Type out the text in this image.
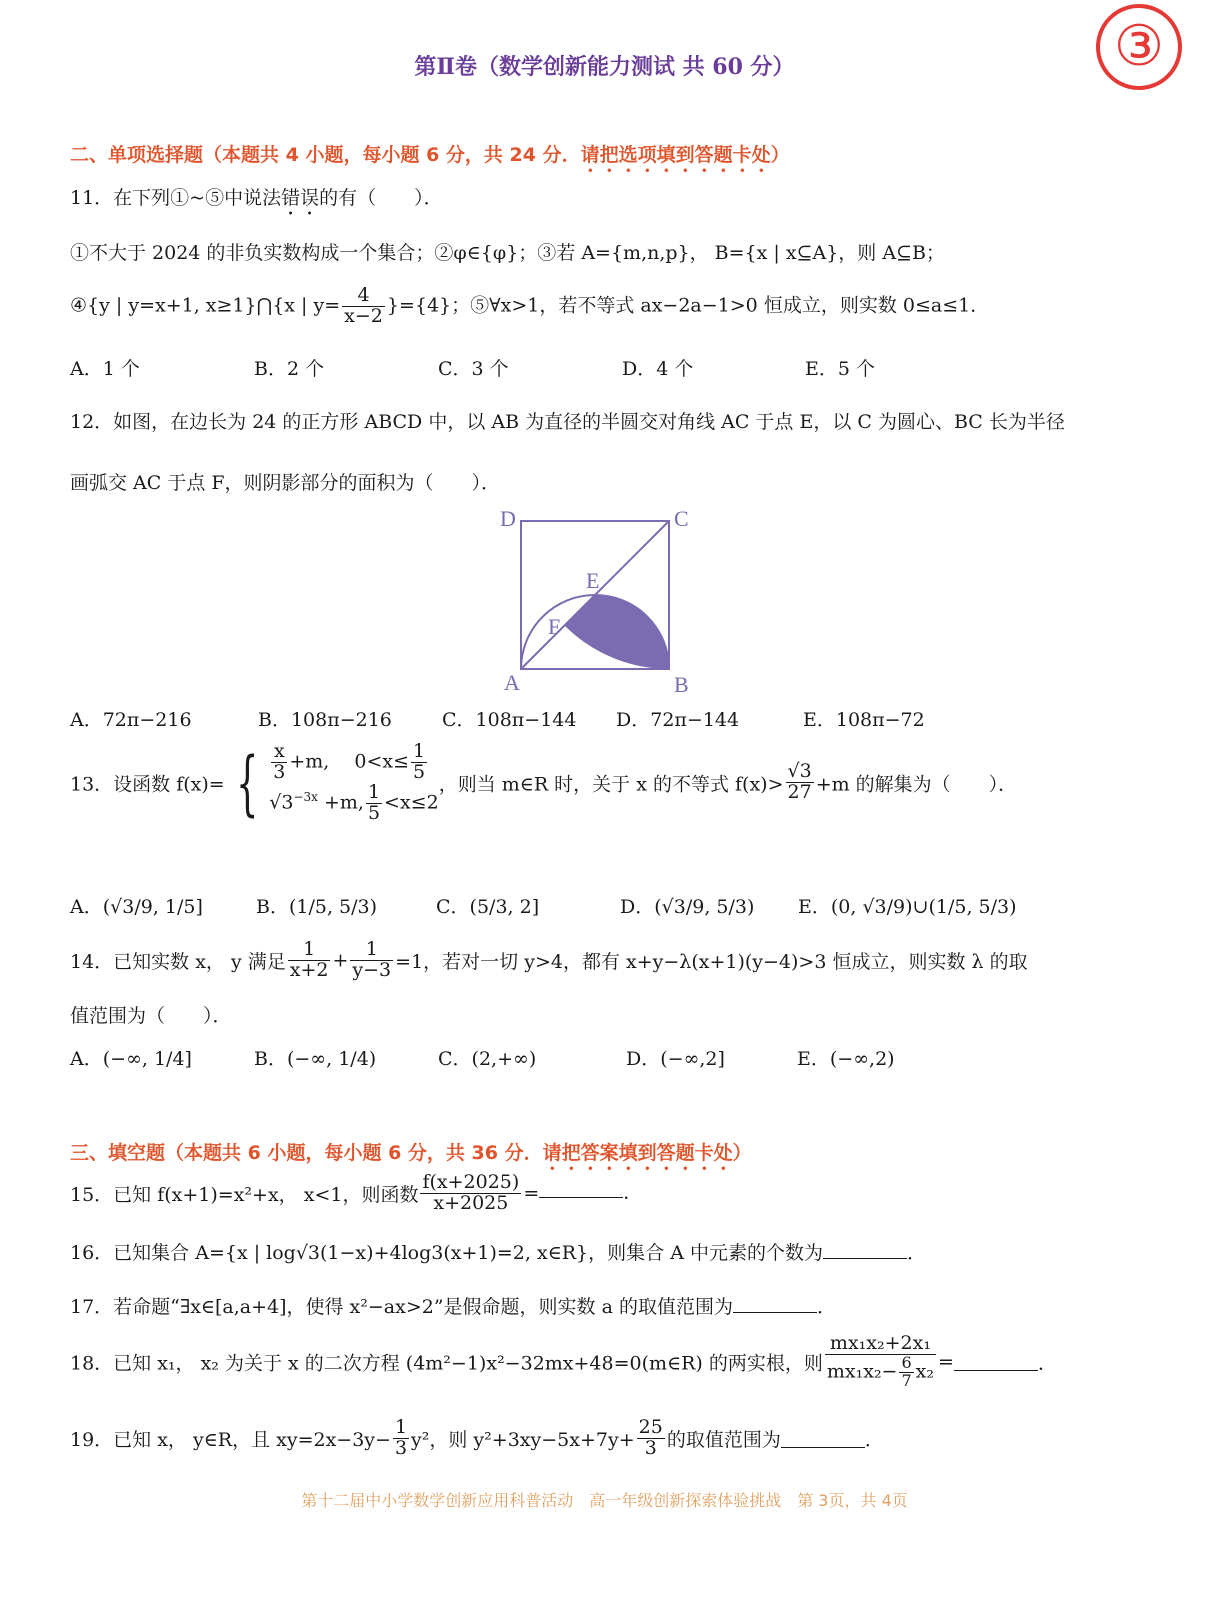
第Ⅱ卷（数学创新能力测试 共 60 分）	③
二、单项选择题（本题共 4 小题，每小题 6 分，共 24 分．请把选项填到答题卡处）
11．在下列①~⑤中说法错误的有（　　）．
①不大于 2024 的非负实数构成一个集合；②φ∈{φ}；③若 A={m,n,p}， B={x | x⊆A}，则 A⊆B；
④{y | y=x+1, x≥1}⋂{x | $y= \frac{4}{x-2} \}=\{4\}$；⑤∀x>1，若不等式 ax−2a−1>0 恒成立，则实数 0≤a≤1．
A．1 个	B．2 个	C．3 个	D．4 个	E．5 个
12．如图，在边长为 24 的正方形 ABCD 中，以 AB 为直径的半圆交对角线 AC 于点 E，以 C 为圆心、BC 长为半径
画弧交 AC 于点 F，则阴影部分的面积为（　　）．
D	C
E
F
A	B
A．72π−216	B．108π−216	C．108π−144 D．72π−144	E．108π−72
13．设函数 f(x)= { $\frac{x}{3} +m$,　 $0<x\le \frac{1}{5}$
$√3^{-3x} +m$, $\frac{1}{5} <x\le 2$
，则当 m∈R 时，关于 x 的不等式 $f(x)> \frac{√3}{27} +m$ 的解集为（　　）．
A．(√3/9, 1/5]	B．(1/5, 5/3)	C．(5/3, 2]	D．(√3/9, 5/3) E．(0, √3/9)∪(1/5, 5/3)
14．已知实数 x， y 满足 $\frac{1}{x+2} + \frac{1}{y-3} =1$，若对一切 y>4，都有 x+y−λ(x+1)(y−4)>3 恒成立，则实数 λ 的取
值范围为（　　）．
A．(−∞, 1/4]	B．(−∞, 1/4)	C．(2,+∞)	D．(−∞,2]	E．(−∞,2)
三、填空题（本题共 6 小题，每小题 6 分，共 36 分．请把答案填到答题卡处）
15．已知 f(x+1)=x²+x， x<1，则函数 $\frac{f(x+2025)}{x+2025}$ =	．
16．已知集合 A={x | log√3(1−x)+4log3(x+1)=2, x∈R}，则集合 A 中元素的个数为	．
17．若命题“∃x∈[a,a+4]，使得 x²−ax>2”是假命题，则实数 a 的取值范围为	．
18．已知 x₁， x₂ 为关于 x 的二次方程 (4m²−1)x²−32mx+48=0(m∈R) 的两实根，则 $\frac{\text{mx₁x₂+2x₁}}{mx_1x_2- \frac{6}{7} x_2}$ =	．
19．已知 x， y∈R，且 $xy=2x-3y- \frac{1}{3} y^2$，则 $y^2+3xy-5x+7y+ \frac{25}{3}$ 的取值范围为	．
第十二届中小学数学创新应用科普活动　高一年级创新探索体验挑战　第 3页，共 4页
